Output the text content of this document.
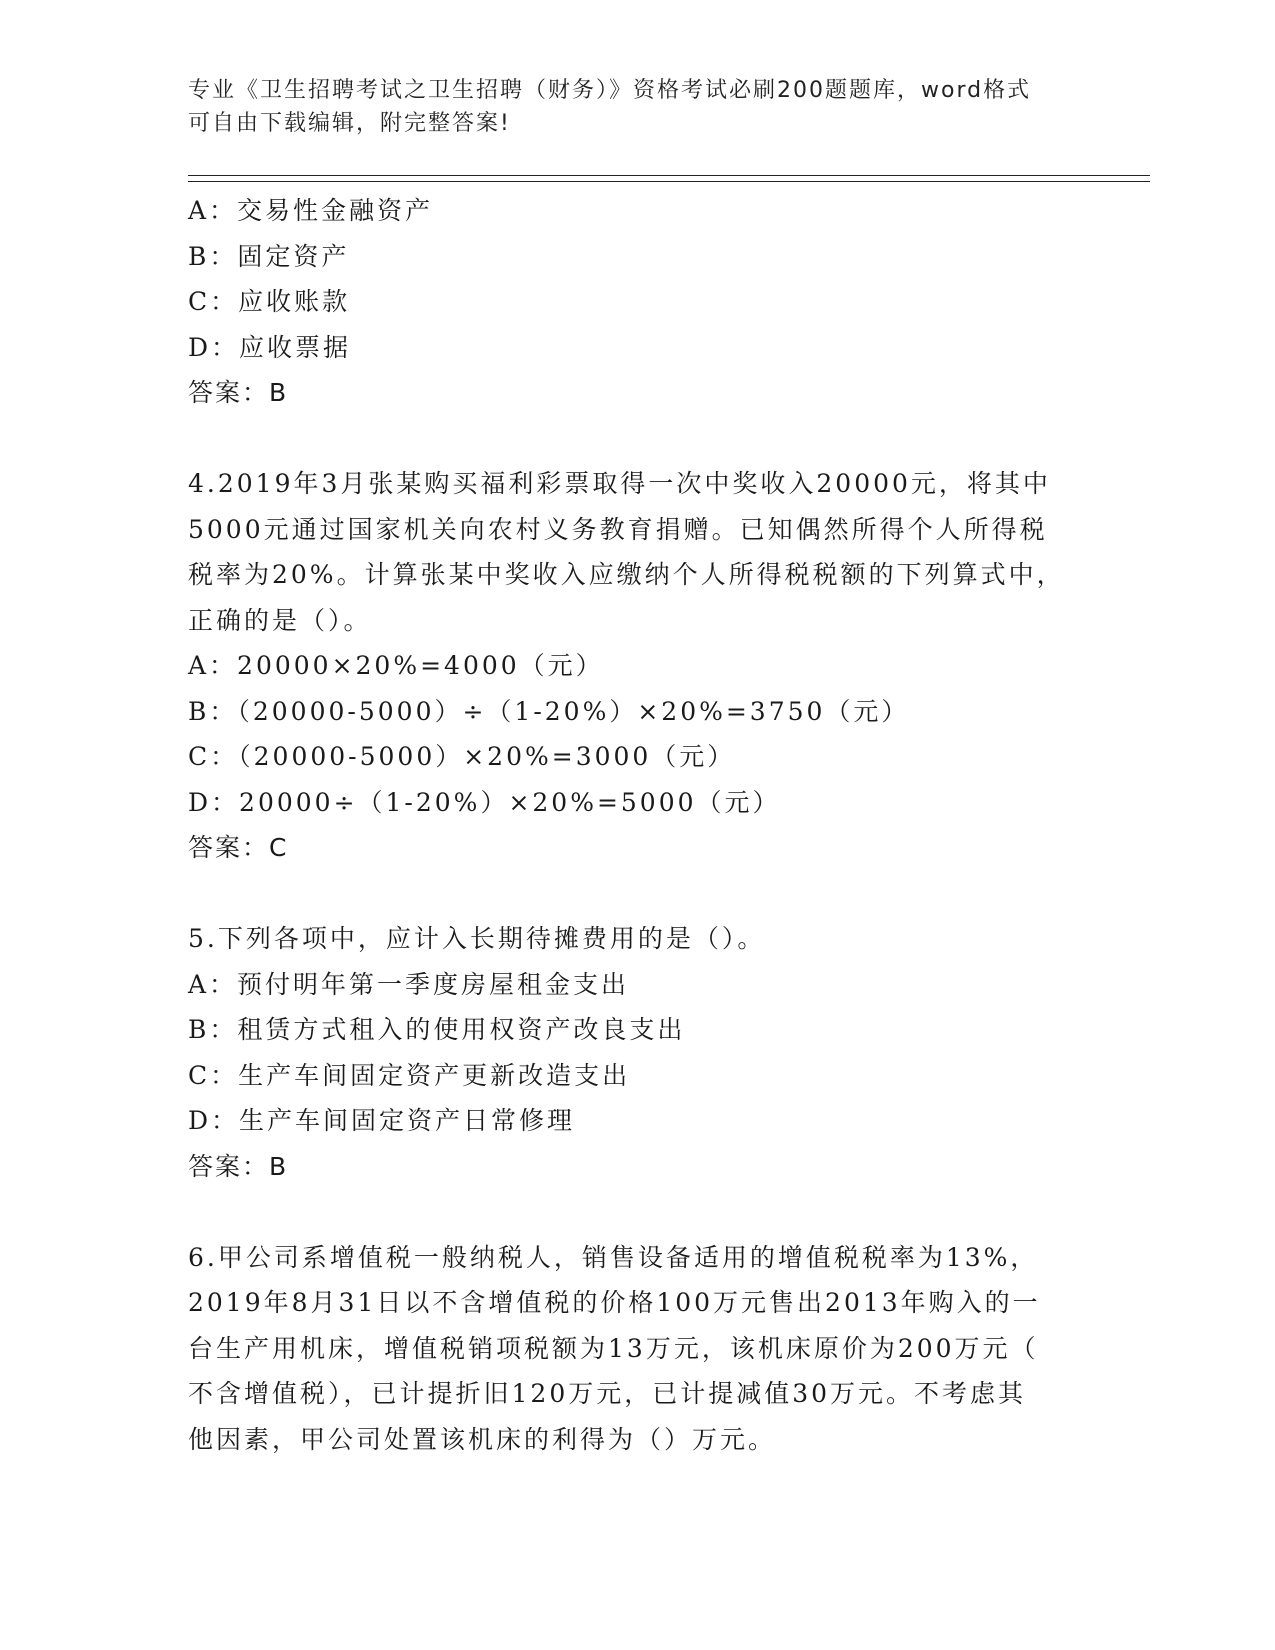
专业《卫生招聘考试之卫生招聘（财务）》资格考试必刷200题题库，word格式
可自由下载编辑，附完整答案!
A：交易性金融资产
B：固定资产
C：应收账款
D：应收票据
答案：B
4.2019年3月张某购买福利彩票取得一次中奖收入20000元，将其中
5000元通过国家机关向农村义务教育捐赠。已知偶然所得个人所得税
税率为20%。计算张某中奖收入应缴纳个人所得税税额的下列算式中，
正确的是（）。
A：20000×20%=4000（元）
B：（20000-5000）÷（1-20%）×20%=3750（元）
C：（20000-5000）×20%=3000（元）
D：20000÷（1-20%）×20%=5000（元）
答案：C
5.下列各项中，应计入长期待摊费用的是（）。
A：预付明年第一季度房屋租金支出
B：租赁方式租入的使用权资产改良支出
C：生产车间固定资产更新改造支出
D：生产车间固定资产日常修理
答案：B
6.甲公司系增值税一般纳税人，销售设备适用的增值税税率为13%，
2019年8月31日以不含增值税的价格100万元售出2013年购入的一
台生产用机床，增值税销项税额为13万元，该机床原价为200万元（
不含增值税），已计提折旧120万元，已计提减值30万元。不考虑其
他因素，甲公司处置该机床的利得为（）万元。
